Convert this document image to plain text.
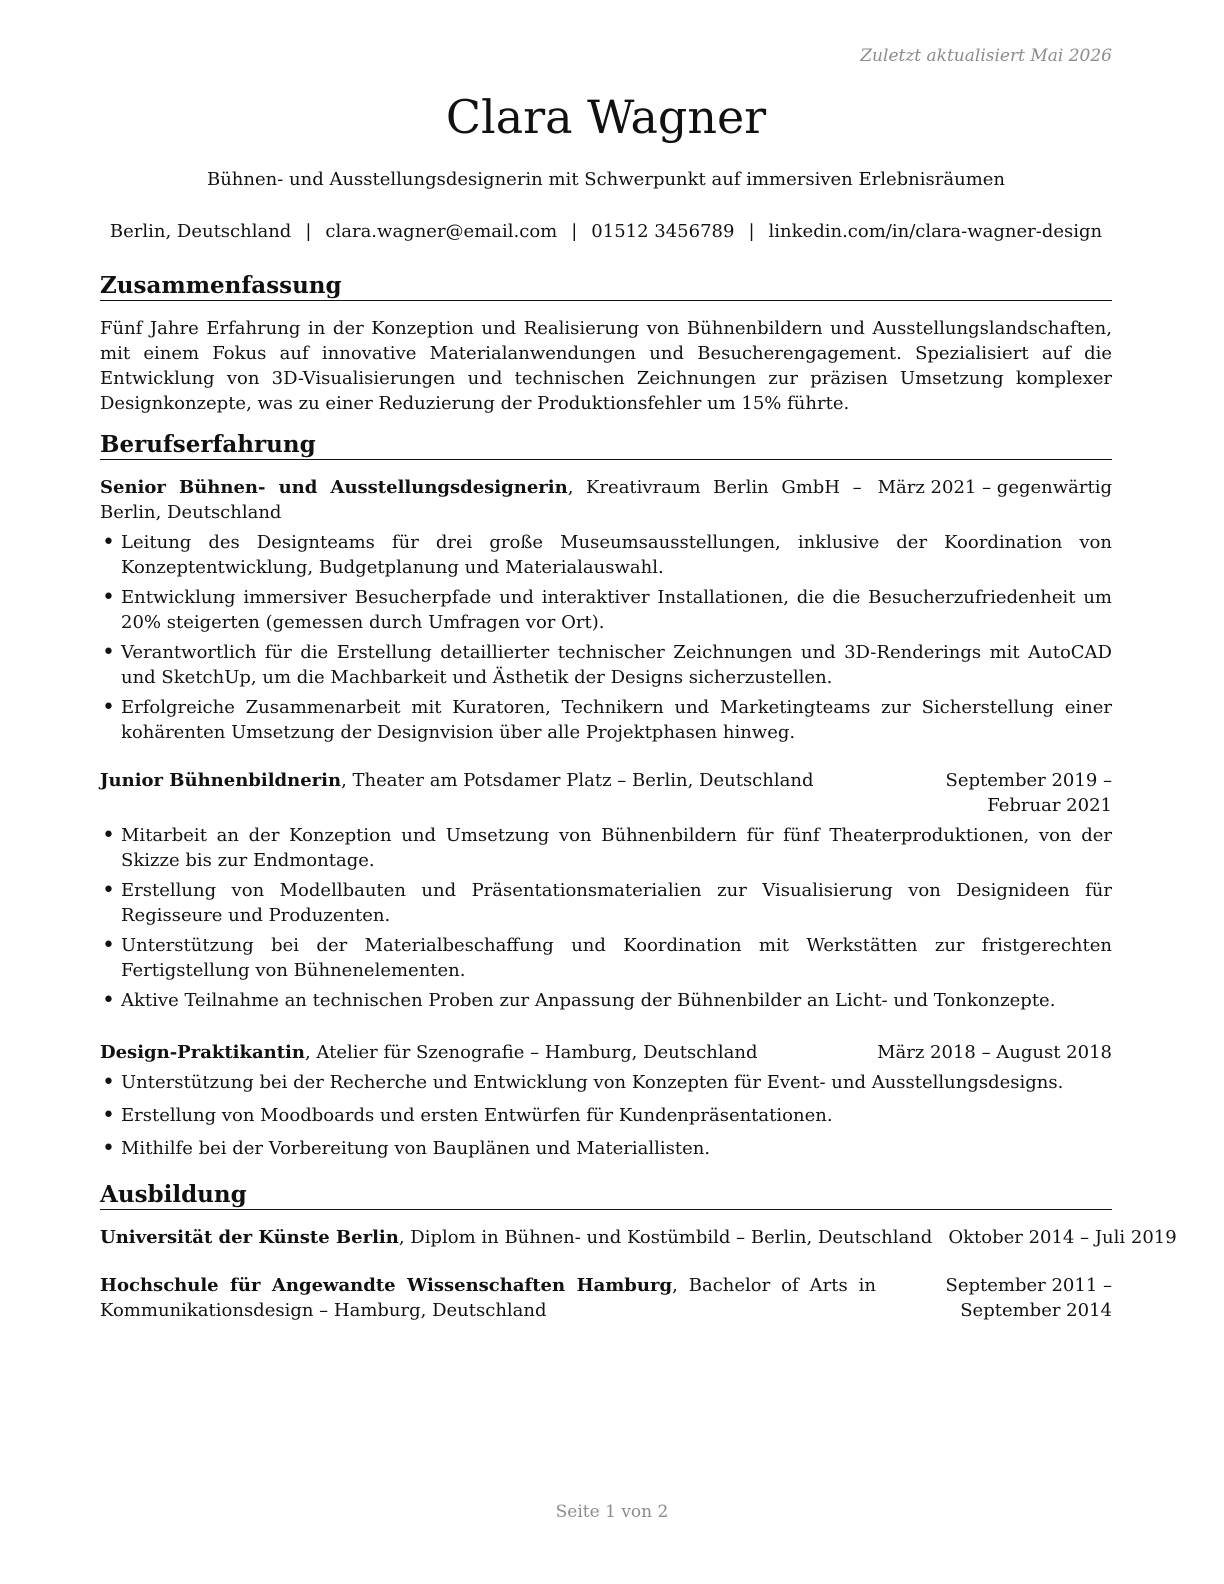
Zuletzt aktualisiert Mai 2026
Clara Wagner
Bühnen- und Ausstellungsdesignerin mit Schwerpunkt auf immersiven Erlebnisräumen
Berlin, Deutschland | clara.wagner@email.com | 01512 3456789 | linkedin.com/in/clara-wagner-design
Zusammenfassung
Fünf Jahre Erfahrung in der Konzeption und Realisierung von Bühnenbildern und Ausstellungslandschaften, mit einem Fokus auf innovative Materialanwendungen und Besucherengagement. Spezialisiert auf die Entwicklung von 3D-Visualisierungen und technischen Zeichnungen zur präzisen Umsetzung komplexer Designkonzepte, was zu einer Reduzierung der Produktionsfehler um 15% führte.
Berufserfahrung
Senior Bühnen- und Ausstellungsdesignerin, Kreativraum Berlin GmbH – Berlin, Deutschland
März 2021 – gegenwärtig
• Leitung des Designteams für drei große Museumsausstellungen, inklusive der Koordination von Konzeptentwicklung, Budgetplanung und Materialauswahl.
• Entwicklung immersiver Besucherpfade und interaktiver Installationen, die die Besucherzufriedenheit um 20% steigerten (gemessen durch Umfragen vor Ort).
• Verantwortlich für die Erstellung detaillierter technischer Zeichnungen und 3D-Renderings mit AutoCAD und SketchUp, um die Machbarkeit und Ästhetik der Designs sicherzustellen.
• Erfolgreiche Zusammenarbeit mit Kuratoren, Technikern und Marketingteams zur Sicherstellung einer kohärenten Umsetzung der Designvision über alle Projektphasen hinweg.
Junior Bühnenbildnerin, Theater am Potsdamer Platz – Berlin, Deutschland	September 2019 – Februar 2021
• Mitarbeit an der Konzeption und Umsetzung von Bühnenbildern für fünf Theaterproduktionen, von der Skizze bis zur Endmontage.
• Erstellung von Modellbauten und Präsentationsmaterialien zur Visualisierung von Designideen für Regisseure und Produzenten.
• Unterstützung bei der Materialbeschaffung und Koordination mit Werkstätten zur fristgerechten Fertigstellung von Bühnenelementen.
• Aktive Teilnahme an technischen Proben zur Anpassung der Bühnenbilder an Licht- und Tonkonzepte.
Design-Praktikantin, Atelier für Szenografie – Hamburg, Deutschland	März 2018 – August 2018
• Unterstützung bei der Recherche und Entwicklung von Konzepten für Event- und Ausstellungsdesigns.
• Erstellung von Moodboards und ersten Entwürfen für Kundenpräsentationen.
• Mithilfe bei der Vorbereitung von Bauplänen und Materiallisten.
Ausbildung
Universität der Künste Berlin, Diplom in Bühnen- und Kostümbild – Berlin, Deutschland Oktober 2014 – Juli 2019
Hochschule für Angewandte Wissenschaften Hamburg, Bachelor of Arts in Kommunikationsdesign – Hamburg, Deutschland
September 2011 – September 2014
Seite 1 von 2
